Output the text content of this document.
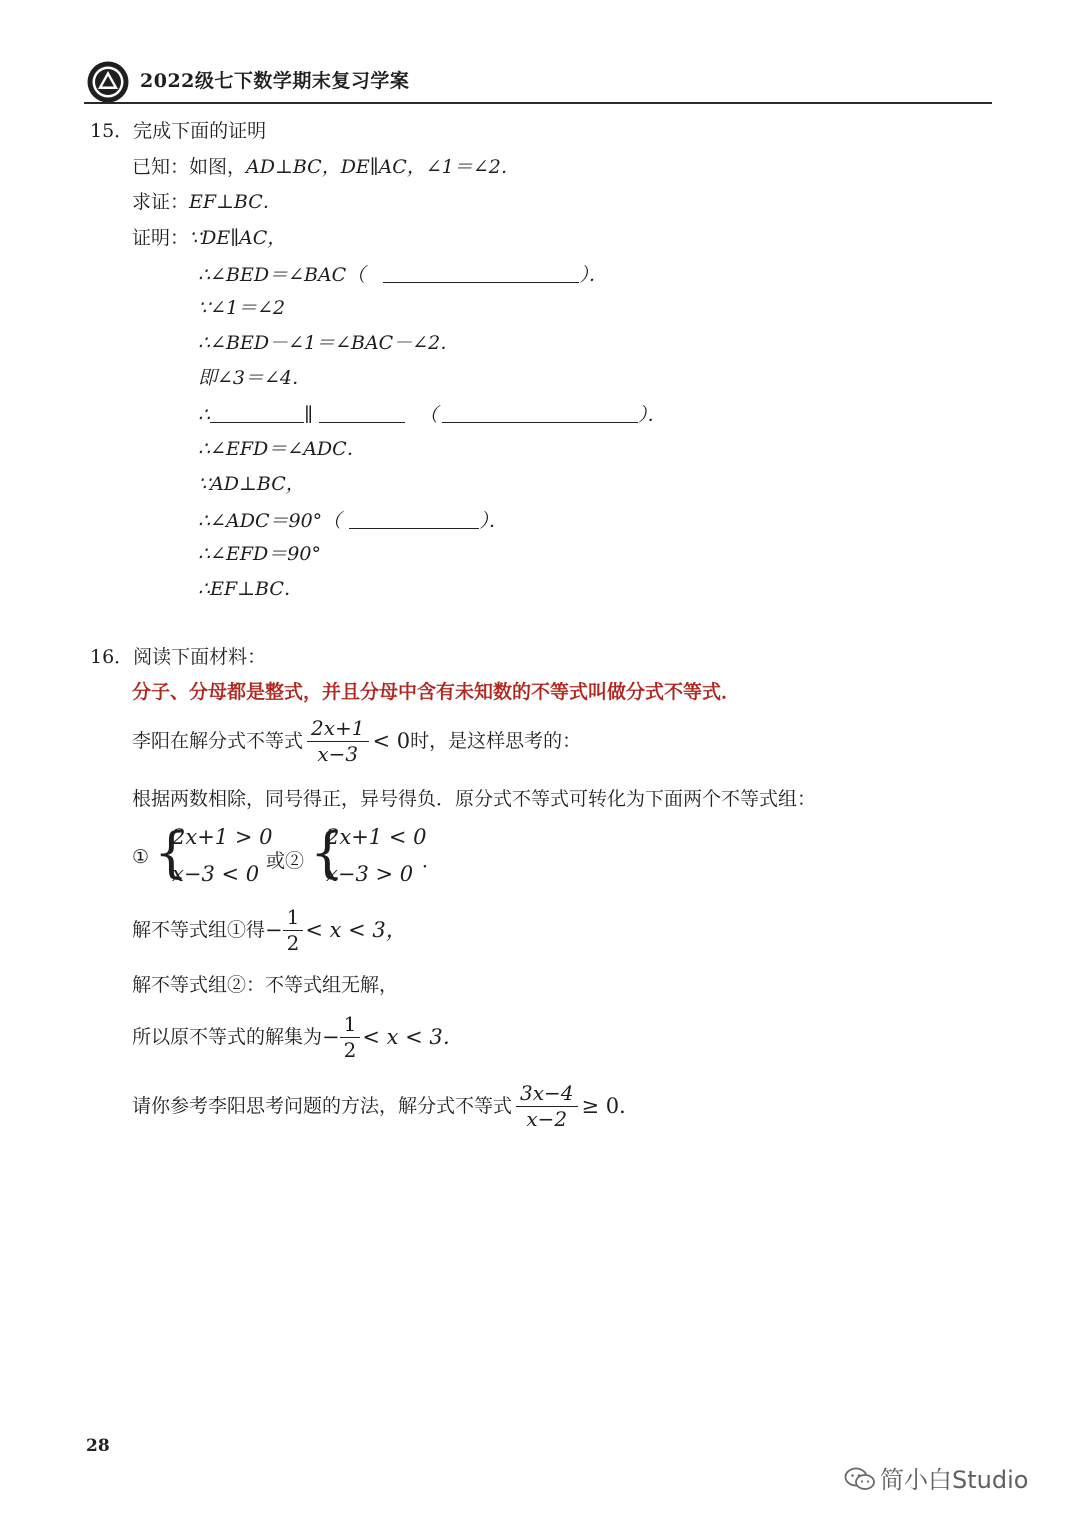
2022级七下数学期末复习学案
15．完成下面的证明
已知：如图，AD⊥BC，DE∥AC，∠1＝∠2．
求证：EF⊥BC．
证明：∵DE∥AC，
∴∠BED＝∠BAC（	）．
∵∠1＝∠2
∴∠BED－∠1＝∠BAC－∠2．
即∠3＝∠4．
∴	∥	（	）．
∴∠EFD＝∠ADC．
∵AD⊥BC，
∴∠ADC＝90°（	）．
∴∠EFD＝90°
∴EF⊥BC．
16．阅读下面材料：
分子、分母都是整式，并且分母中含有未知数的不等式叫做分式不等式．
李阳在解分式不等式 $\frac{2x+1}{x-3} < 0$ 时，是这样思考的：
根据两数相除，同号得正，异号得负．原分式不等式可转化为下面两个不等式组：
① {
2x+1 > 0
x−3 < 0
或② {
2x+1 < 0
x−3 > 0
．
解不等式组①得 − $\frac{1}{2} < x < 3$，
解不等式组②：不等式组无解，
所以原不等式的解集为 − $\frac{1}{2} < x < 3$．
请你参考李阳思考问题的方法，解分式不等式 $\frac{3x-4}{x-2} \ge 0$．
28
简小白Studio
